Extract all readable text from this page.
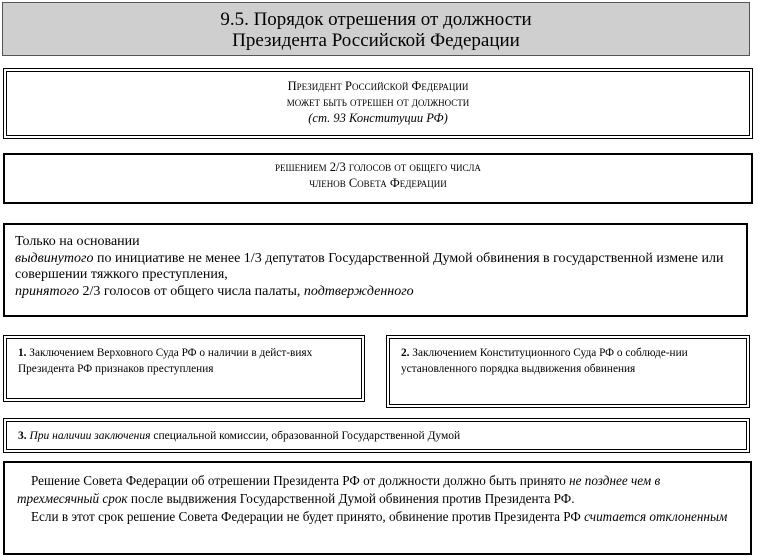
9.5. Порядок отрешения от должности
Президента Российской Федерации
Президент Российской Федерации
может быть отрешен от должности
(ст. 93 Конституции РФ)
решением 2/3 голосов от общего числа
членов Совета Федерации
Только на основании
выдвинутого по инициативе не менее 1/3 депутатов Государственной Думой обвинения в государственной измене или совершении тяжкого преступления,
принятого 2/3 голосов от общего числа палаты, подтвержденного
1. Заключением Верховного Суда РФ о наличии в дейст-виях Президента РФ признаков преступления
2. Заключением Конституционного Суда РФ о соблюде-нии установленного порядка выдвижения обвинения
3. При наличии заключения специальной комиссии, образованной Государственной Думой
Решение Совета Федерации об отрешении Президента РФ от должности должно быть принято не позднее чем в трехмесячный срок после выдвижения Государственной Думой обвинения против Президента РФ.
Если в этот срок решение Совета Федерации не будет принято, обвинение против Президента РФ считается отклоненным
